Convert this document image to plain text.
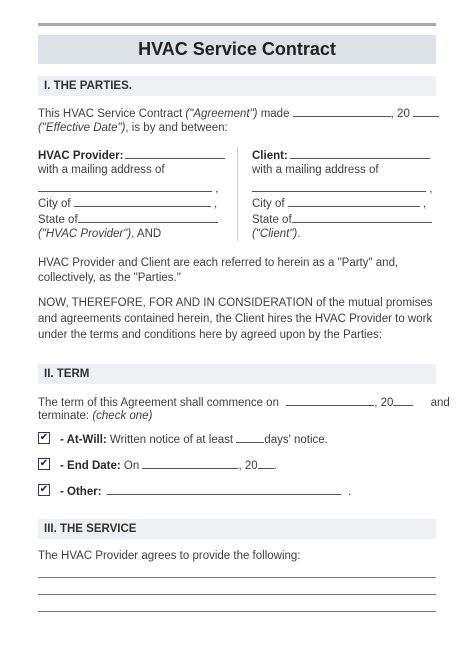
HVAC Service Contract
I. THE PARTIES.
This HVAC Service Contract ("Agreement") made	, 20
("Effective Date"), is by and between:
HVAC Provider:
with a mailing address of
,
City of	,
State of
("HVAC Provider"), AND
Client:
with a mailing address of
,
City of	,
State of
("Client").
HVAC Provider and Client are each referred to herein as a "Party" and,
collectively, as the "Parties."
NOW, THEREFORE, FOR AND IN CONSIDERATION of the mutual promises
and agreements contained herein, the Client hires the HVAC Provider to work
under the terms and conditions here by agreed upon by the Parties:
II. TERM
The term of this Agreement shall commence on	, 20	and
terminate: (check one)
✔ - At-Will: Written notice of at least	days' notice.
✔ - End Date: On	, 20 .
✔ - Other:	.
III. THE SERVICE
The HVAC Provider agrees to provide the following:
